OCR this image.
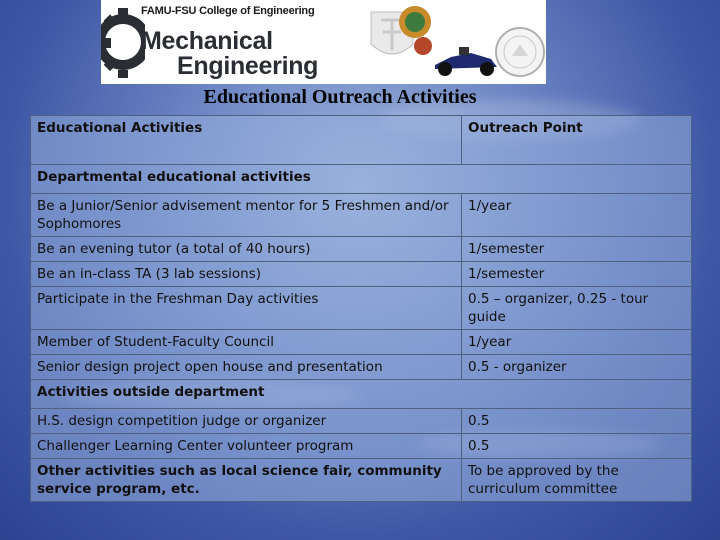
FAMU-FSU College of Engineering
Mechanical
Engineering
Educational Outreach Activities
Educational Activities	Outreach Point
Departmental educational activities	
Be a Junior/Senior advisement mentor for 5 Freshmen and/or Sophomores	1/year
Be an evening tutor (a total of 40 hours)	1/semester
Be an in-class TA (3 lab sessions)	1/semester
Participate in the Freshman Day activities	0.5 – organizer, 0.25 - tour guide
Member of Student-Faculty Council	1/year
Senior design project open house and presentation	0.5 - organizer
Activities outside department	
H.S. design competition judge or organizer	0.5
Challenger Learning Center volunteer program	0.5
Other activities such as local science fair, community service program, etc.	To be approved by the curriculum committee
